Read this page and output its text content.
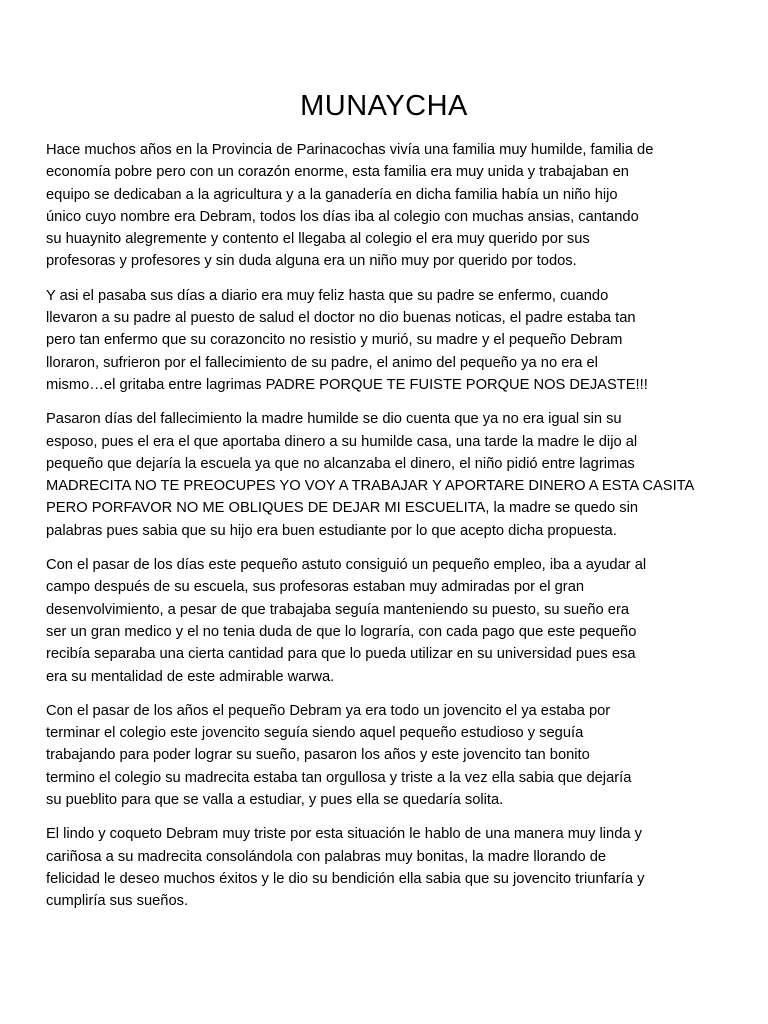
MUNAYCHA

Hace muchos años en la Provincia de Parinacochas vivía una familia muy humilde, familia de
economía pobre pero con un corazón enorme, esta familia era muy unida y trabajaban en
equipo se dedicaban a la agricultura y a la ganadería en dicha familia había un niño hijo
único cuyo nombre era Debram, todos los días iba al colegio con muchas ansias, cantando
su huaynito alegremente y contento el llegaba al colegio el era muy querido por sus
profesoras y profesores y sin duda alguna era un niño muy por querido por todos.

Y asi el pasaba sus días a diario era muy feliz hasta que su padre se enfermo, cuando
llevaron a su padre al puesto de salud el doctor no dio buenas noticas, el padre estaba tan
pero tan enfermo que su corazoncito no resistio y murió, su madre y el pequeño Debram
lloraron, sufrieron por el fallecimiento de su padre, el animo del pequeño ya no era el
mismo…el gritaba entre lagrimas PADRE PORQUE TE FUISTE PORQUE NOS DEJASTE!!!

Pasaron días del fallecimiento la madre humilde se dio cuenta que ya no era igual sin su
esposo, pues el era el que aportaba dinero a su humilde casa, una tarde la madre le dijo al
pequeño que dejaría la escuela ya que no alcanzaba el dinero, el niño pidió entre lagrimas
MADRECITA NO TE PREOCUPES YO VOY A TRABAJAR Y APORTARE DINERO A ESTA CASITA
PERO PORFAVOR NO ME OBLIQUES DE DEJAR MI ESCUELITA, la madre se quedo sin
palabras pues sabia que su hijo era buen estudiante por lo que acepto dicha propuesta.

Con el pasar de los días este pequeño astuto consiguió un pequeño empleo, iba a ayudar al
campo después de su escuela, sus profesoras estaban muy admiradas por el gran
desenvolvimiento, a pesar de que trabajaba seguía manteniendo su puesto, su sueño era
ser un gran medico y el no tenia duda de que lo lograría, con cada pago que este pequeño
recibía separaba una cierta cantidad para que lo pueda utilizar en su universidad pues esa
era su mentalidad de este admirable warwa.

Con el pasar de los años el pequeño Debram ya era todo un jovencito el ya estaba por
terminar el colegio este jovencito seguía siendo aquel pequeño estudioso y seguía
trabajando para poder lograr su sueño, pasaron los años y este jovencito tan bonito
termino el colegio su madrecita estaba tan orgullosa y triste a la vez ella sabia que dejaría
su pueblito para que se valla a estudiar, y pues ella se quedaría solita.

El lindo y coqueto Debram muy triste por esta situación le hablo de una manera muy linda y
cariñosa a su madrecita consolándola con palabras muy bonitas, la madre llorando de
felicidad le deseo muchos éxitos y le dio su bendición ella sabia que su jovencito triunfaría y
cumpliría sus sueños.
